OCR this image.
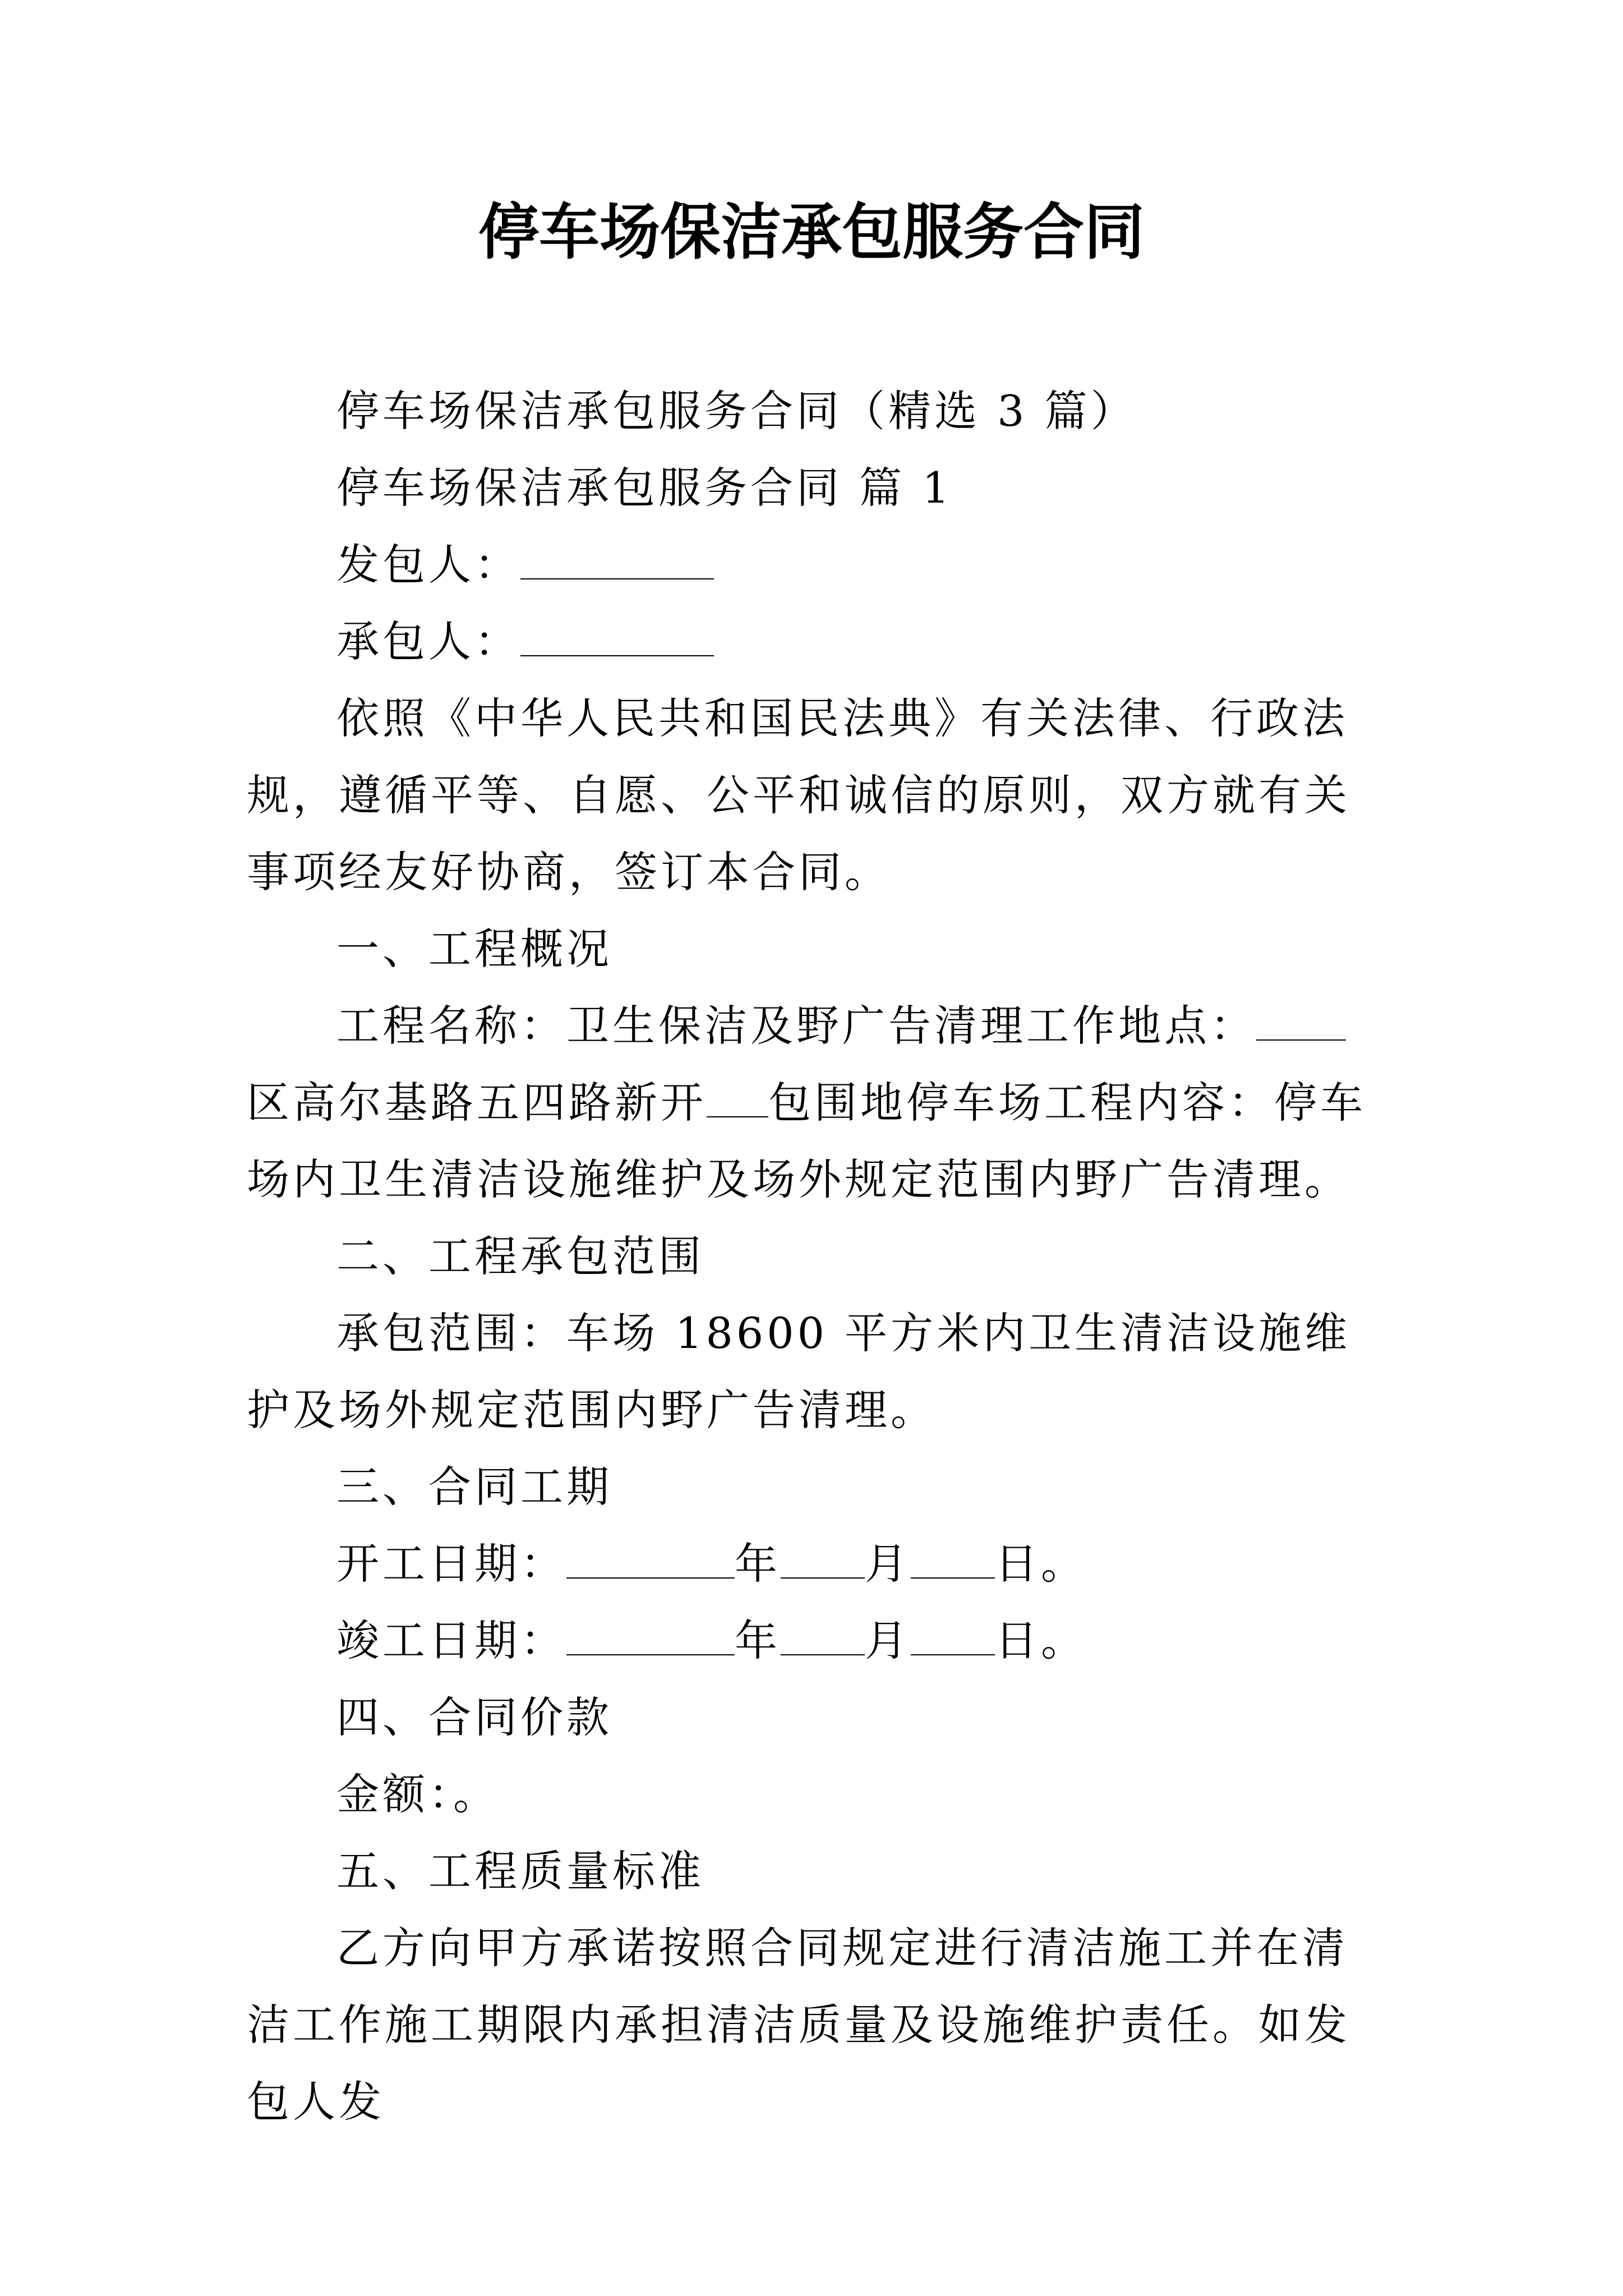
停车场保洁承包服务合同

停车场保洁承包服务合同（精选 3 篇）

停车场保洁承包服务合同 篇 1

发包人：

承包人：

依照《中华人民共和国民法典》有关法律、行政法规，遵循平等、自愿、公平和诚信的原则，双方就有关事项经友好协商，签订本合同。

一、工程概况

工程名称：卫生保洁及野广告清理工作地点：区高尔基路五四路新开 包围地停车场工程内容：停车场内卫生清洁设施维护及场外规定范围内野广告清理。

二、工程承包范围

承包范围：车场 18600 平方米内卫生清洁设施维护及场外规定范围内野广告清理。

三、合同工期

开工日期：	年 月 日。

竣工日期：	年 月 日。

四、合同价款

金额：。

五、工程质量标准

乙方向甲方承诺按照合同规定进行清洁施工并在清洁工作施工期限内承担清洁质量及设施维护责任。如发包人发
